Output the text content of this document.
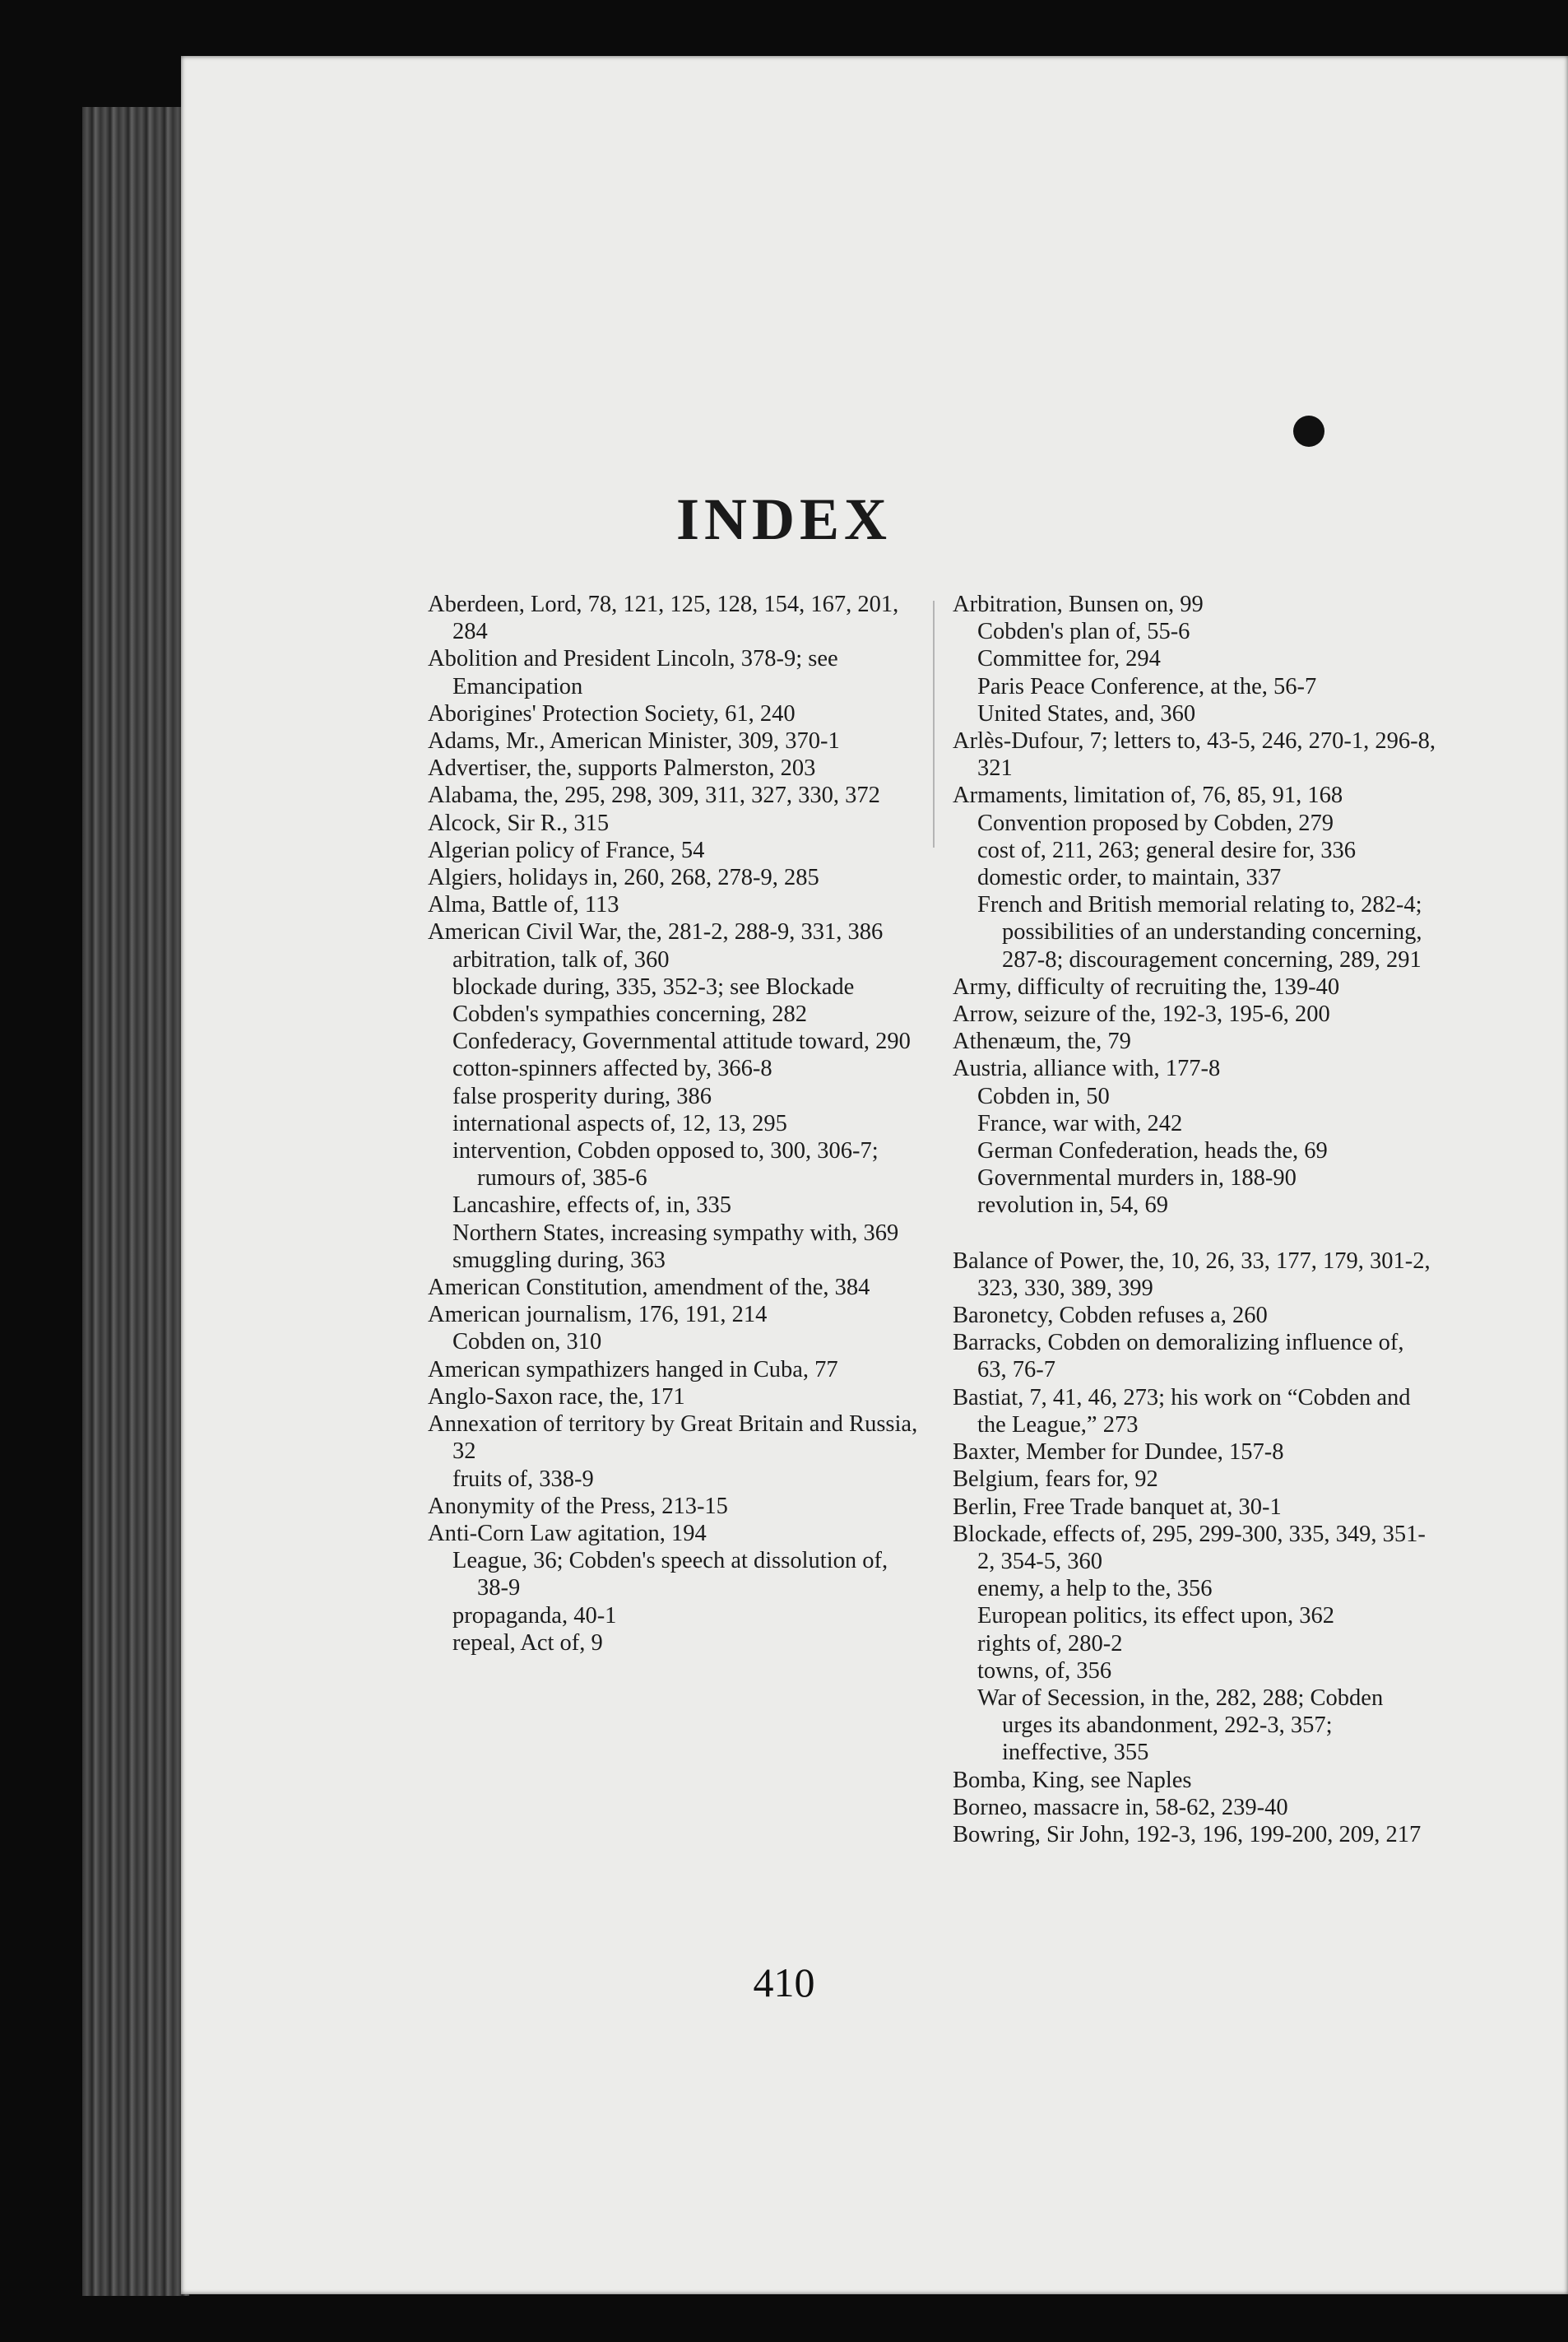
INDEX

Aberdeen, Lord, 78, 121, 125, 128, 154, 167, 201, 284

Abolition and President Lincoln, 378-9; see Emancipation

Aborigines' Protection Society, 61, 240

Adams, Mr., American Minister, 309, 370-1

Advertiser, the, supports Palmerston, 203

Alabama, the, 295, 298, 309, 311, 327, 330, 372

Alcock, Sir R., 315

Algerian policy of France, 54

Algiers, holidays in, 260, 268, 278-9, 285

Alma, Battle of, 113

American Civil War, the, 281-2, 288-9, 331, 386

arbitration, talk of, 360

blockade during, 335, 352-3; see Blockade

Cobden's sympathies concerning, 282

Confederacy, Governmental attitude toward, 290

cotton-spinners affected by, 366-8

false prosperity during, 386

international aspects of, 12, 13, 295

intervention, Cobden opposed to, 300, 306-7; rumours of, 385-6

Lancashire, effects of, in, 335

Northern States, increasing sympathy with, 369

smuggling during, 363

American Constitution, amendment of the, 384

American journalism, 176, 191, 214

Cobden on, 310

American sympathizers hanged in Cuba, 77

Anglo-Saxon race, the, 171

Annexation of territory by Great Britain and Russia, 32

fruits of, 338-9

Anonymity of the Press, 213-15

Anti-Corn Law agitation, 194

League, 36; Cobden's speech at dissolution of, 38-9

propaganda, 40-1

repeal, Act of, 9

Arbitration, Bunsen on, 99

Cobden's plan of, 55-6

Committee for, 294

Paris Peace Conference, at the, 56-7

United States, and, 360

Arlès-Dufour, 7; letters to, 43-5, 246, 270-1, 296-8, 321

Armaments, limitation of, 76, 85, 91, 168

Convention proposed by Cobden, 279

cost of, 211, 263; general desire for, 336

domestic order, to maintain, 337

French and British memorial relating to, 282-4; possibilities of an understanding concerning, 287-8; discouragement concerning, 289, 291

Army, difficulty of recruiting the, 139-40

Arrow, seizure of the, 192-3, 195-6, 200

Athenæum, the, 79

Austria, alliance with, 177-8

Cobden in, 50

France, war with, 242

German Confederation, heads the, 69

Governmental murders in, 188-90

revolution in, 54, 69

Balance of Power, the, 10, 26, 33, 177, 179, 301-2, 323, 330, 389, 399

Baronetcy, Cobden refuses a, 260

Barracks, Cobden on demoralizing influence of, 63, 76-7

Bastiat, 7, 41, 46, 273; his work on “Cobden and the League,” 273

Baxter, Member for Dundee, 157-8

Belgium, fears for, 92

Berlin, Free Trade banquet at, 30-1

Blockade, effects of, 295, 299-300, 335, 349, 351-2, 354-5, 360

enemy, a help to the, 356

European politics, its effect upon, 362

rights of, 280-2

towns, of, 356

War of Secession, in the, 282, 288; Cobden urges its abandonment, 292-3, 357; ineffective, 355

Bomba, King, see Naples

Borneo, massacre in, 58-62, 239-40

Bowring, Sir John, 192-3, 196, 199-200, 209, 217

410
